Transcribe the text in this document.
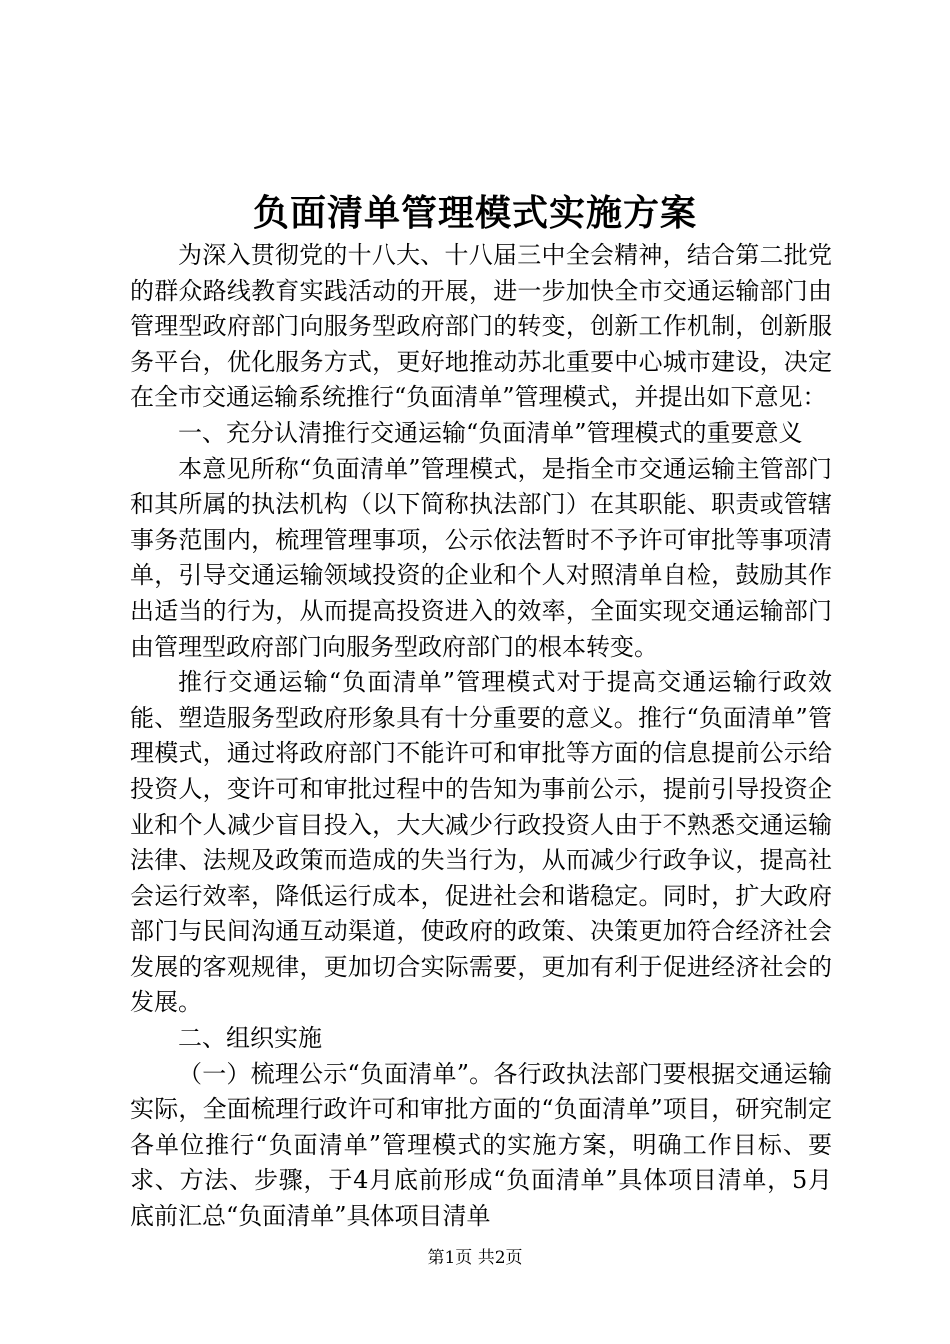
负面清单管理模式实施方案

为深入贯彻党的十八大、十八届三中全会精神，结合第二批党的群众路线教育实践活动的开展，进一步加快全市交通运输部门由管理型政府部门向服务型政府部门的转变，创新工作机制，创新服务平台，优化服务方式，更好地推动苏北重要中心城市建设，决定在全市交通运输系统推行“负面清单”管理模式，并提出如下意见：

一、充分认清推行交通运输“负面清单”管理模式的重要意义

本意见所称“负面清单”管理模式，是指全市交通运输主管部门和其所属的执法机构（以下简称执法部门）在其职能、职责或管辖事务范围内，梳理管理事项，公示依法暂时不予许可审批等事项清单，引导交通运输领域投资的企业和个人对照清单自检，鼓励其作出适当的行为，从而提高投资进入的效率，全面实现交通运输部门由管理型政府部门向服务型政府部门的根本转变。

推行交通运输“负面清单”管理模式对于提高交通运输行政效能、塑造服务型政府形象具有十分重要的意义。推行“负面清单”管理模式，通过将政府部门不能许可和审批等方面的信息提前公示给投资人，变许可和审批过程中的告知为事前公示，提前引导投资企业和个人减少盲目投入，大大减少行政投资人由于不熟悉交通运输法律、法规及政策而造成的失当行为，从而减少行政争议，提高社会运行效率，降低运行成本，促进社会和谐稳定。同时，扩大政府部门与民间沟通互动渠道，使政府的政策、决策更加符合经济社会发展的客观规律，更加切合实际需要，更加有利于促进经济社会的发展。

二、组织实施

（一）梳理公示“负面清单”。各行政执法部门要根据交通运输实际，全面梳理行政许可和审批方面的“负面清单”项目，研究制定各单位推行“负面清单”管理模式的实施方案，明确工作目标、要求、方法、步骤，于4月底前形成“负面清单”具体项目清单，5月底前汇总“负面清单”具体项目清单

第1页 共2页
